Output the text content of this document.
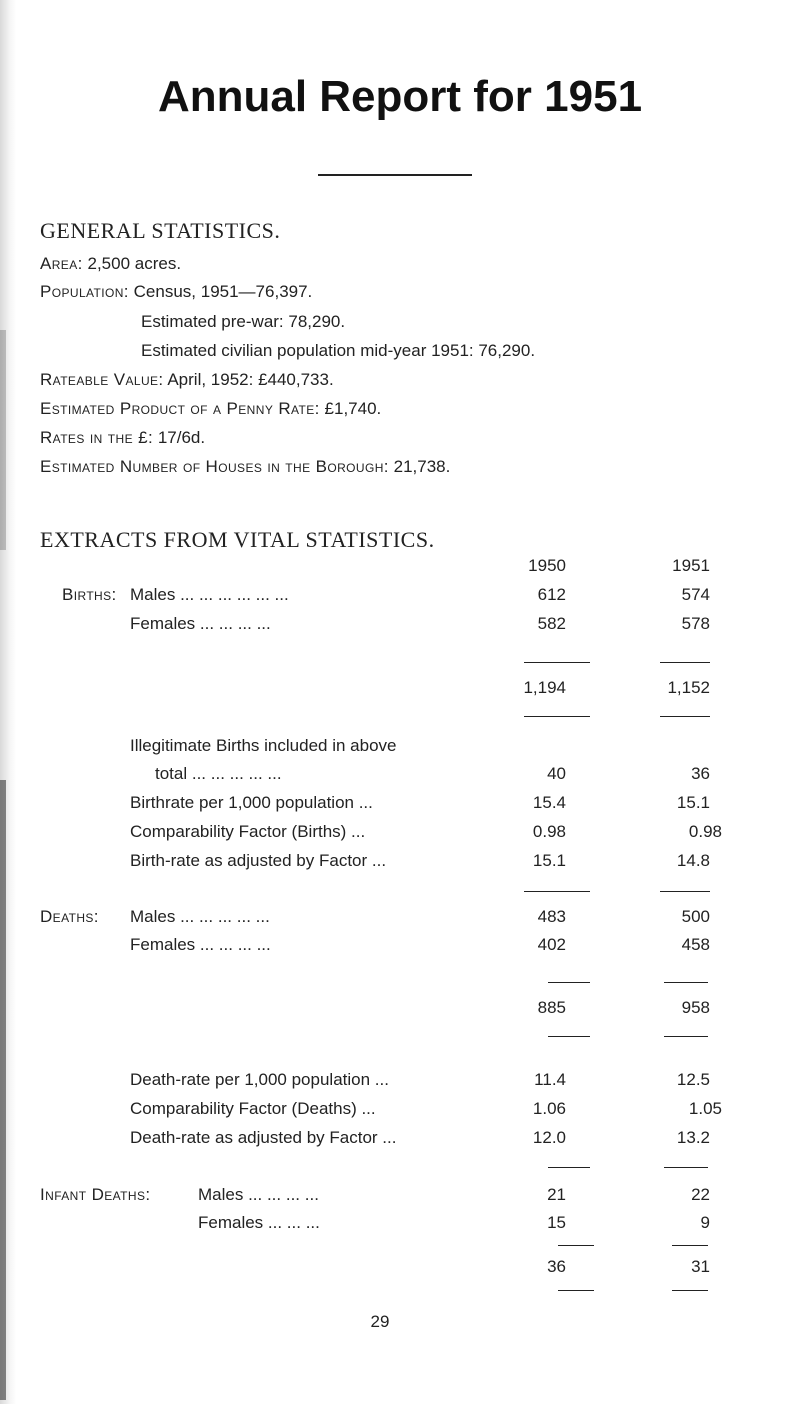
Annual Report for 1951
GENERAL STATISTICS.
Area: 2,500 acres.
Population: Census, 1951—76,397.
Estimated pre-war: 78,290.
Estimated civilian population mid-year 1951: 76,290.
Rateable Value: April, 1952: £440,733.
Estimated Product of a Penny Rate: £1,740.
Rates in the £: 17/6d.
Estimated Number of Houses in the Borough: 21,738.
EXTRACTS FROM VITAL STATISTICS.
1950	1951
Births: Males ... ... ... ... ... ...	612	574
Females ... ... ... ...	582	578
1,194	1,152
Illegitimate Births included in above
total ... ... ... ... ...	40	36
Birthrate per 1,000 population ...	15.4	15.1
Comparability Factor (Births) ...	0.98	0.98
Birth-rate as adjusted by Factor ...	15.1	14.8
Deaths: Males ... ... ... ... ...	483	500
Females ... ... ... ...	402	458
885	958
Death-rate per 1,000 population ...	11.4	12.5
Comparability Factor (Deaths) ...	1.06	1.05
Death-rate as adjusted by Factor ...	12.0	13.2
Infant Deaths:	Males ... ... ... ...	21	22
Females ... ... ...	15	9
36	31
29
